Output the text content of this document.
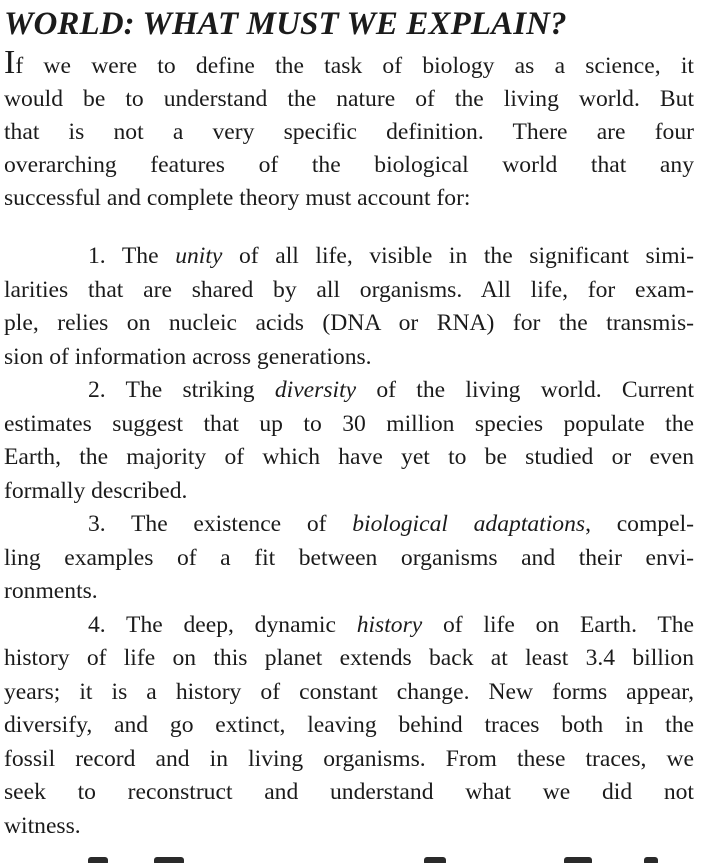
WORLD: WHAT MUST WE EXPLAIN?

If we were to define the task of biology as a science, it
would be to understand the nature of the living world. But
that is not a very specific definition. There are four
overarching features of the biological world that any
successful and complete theory must account for:

1. The unity of all life, visible in the significant simi-
larities that are shared by all organisms. All life, for exam-
ple, relies on nucleic acids (DNA or RNA) for the transmis-
sion of information across generations.
2. The striking diversity of the living world. Current
estimates suggest that up to 30 million species populate the
Earth, the majority of which have yet to be studied or even
formally described.
3. The existence of biological adaptations, compel-
ling examples of a fit between organisms and their envi-
ronments.
4. The deep, dynamic history of life on Earth. The
history of life on this planet extends back at least 3.4 billion
years; it is a history of constant change. New forms appear,
diversify, and go extinct, leaving behind traces both in the
fossil record and in living organisms. From these traces, we
seek to reconstruct and understand what we did not
witness.
